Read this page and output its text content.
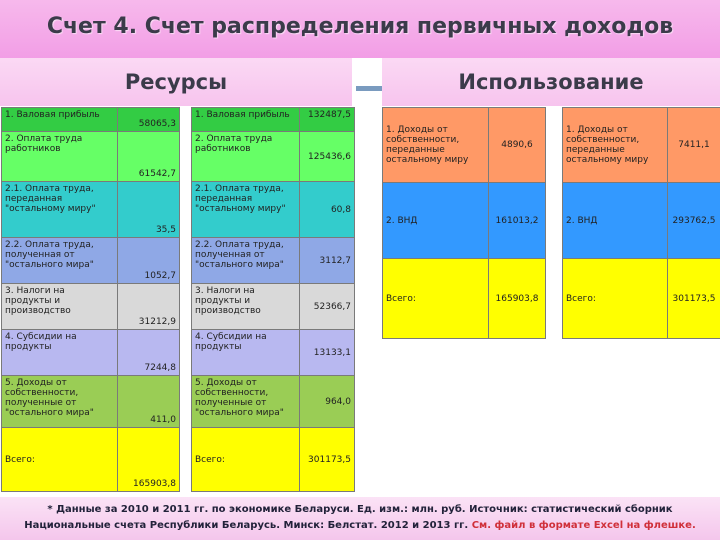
Счет 4. Счет распределения первичных доходов
Ресурсы	Использование
1. Валовая прибыль	58065,3
2. Оплата труда работников	61542,7
2.1. Оплата труда, переданная "остальному миру"	35,5
2.2. Оплата труда, полученная от "остального мира"	1052,7
3. Налоги на продукты и производство	31212,9
4. Субсидии на продукты	7244,8
5. Доходы от собственности, полученные от "остального мира"	411,0
Всего:	165903,8
1. Валовая прибыль	132487,5
2. Оплата труда работников	125436,6
2.1. Оплата труда, переданная "остальному миру"	60,8
2.2. Оплата труда, полученная от "остального мира"	3112,7
3. Налоги на продукты и производство	52366,7
4. Субсидии на продукты	13133,1
5. Доходы от собственности, полученные от "остального мира"	964,0
Всего:	301173,5
1. Доходы от собственности, переданные остальному миру	4890,6
2. ВНД	161013,2
Всего:	165903,8
1. Доходы от собственности, переданные остальному миру	7411,1
2. ВНД	293762,5
Всего:	301173,5
* Данные за 2010 и 2011 гг. по экономике Беларуси. Ед. изм.: млн. руб. Источник: статистический сборник
Национальные счета Республики Беларусь. Минск: Белстат. 2012 и 2013 гг. См. файл в формате Excel на флешке.
